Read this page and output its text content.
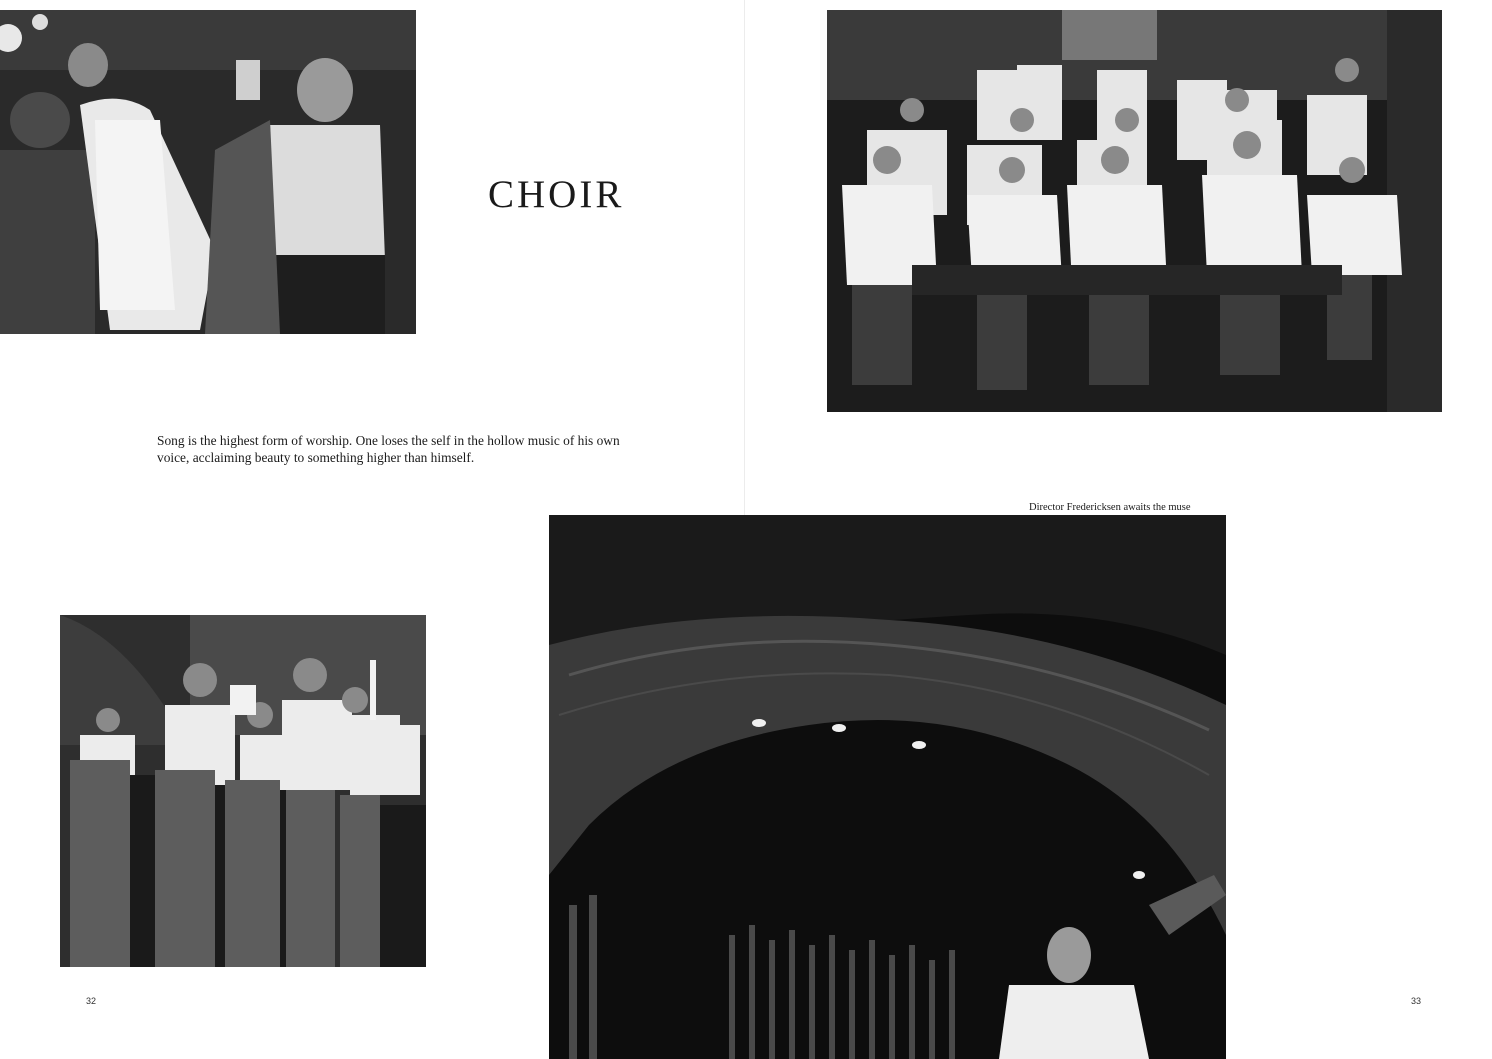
CHOIR

Song is the highest form of worship. One loses the self in the hollow music of his own voice, acclaiming beauty to something higher than himself.

Director Fredericksen awaits the muse

32	33
